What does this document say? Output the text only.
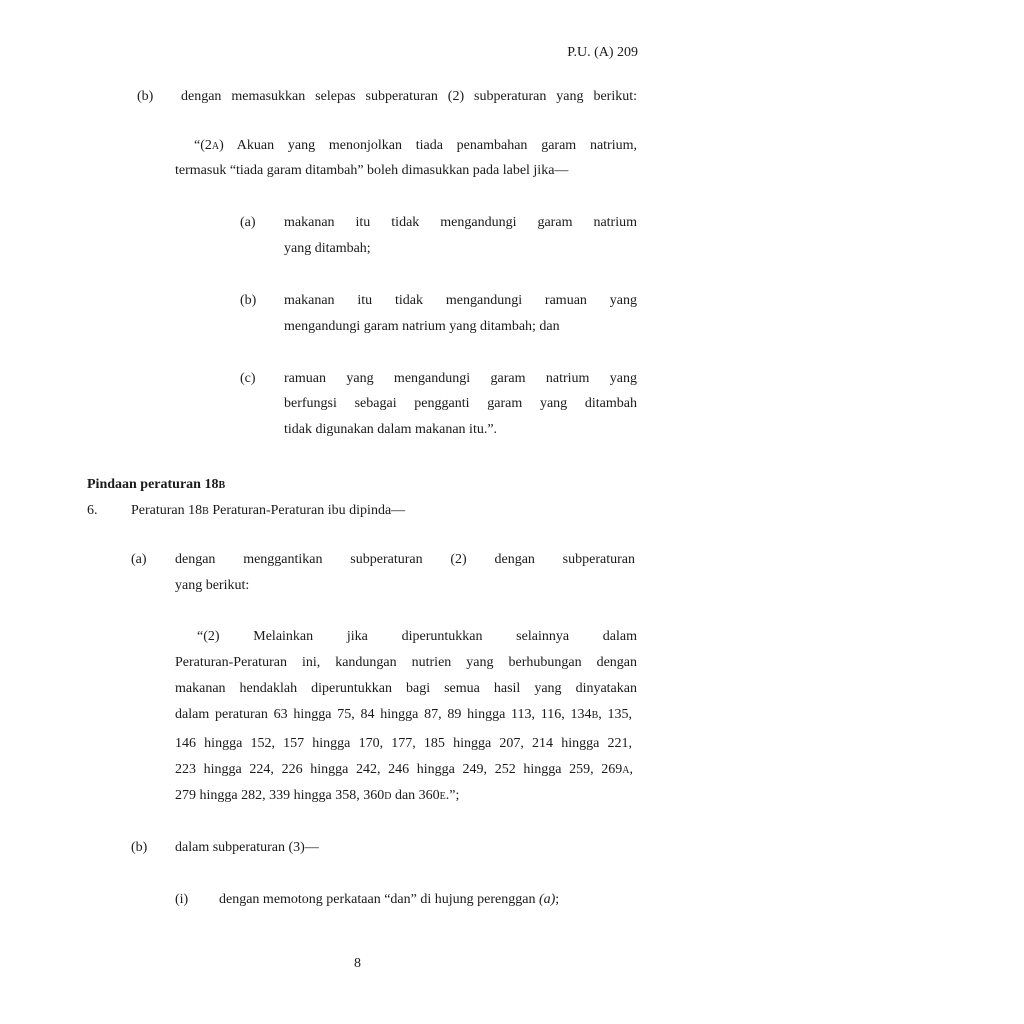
P.U. (A) 209
(b) dengan memasukkan selepas subperaturan (2) subperaturan yang berikut:
“(2a) Akuan yang menonjolkan tiada penambahan garam natrium,
termasuk “tiada garam ditambah” boleh dimasukkan pada label jika—
(a) makanan itu tidak mengandungi garam natrium
yang ditambah;
(b) makanan itu tidak mengandungi ramuan yang
mengandungi garam natrium yang ditambah; dan
(c) ramuan yang mengandungi garam natrium yang
berfungsi sebagai pengganti garam yang ditambah
tidak digunakan dalam makanan itu.”.
Pindaan peraturan 18b
6. Peraturan 18b Peraturan-Peraturan ibu dipinda—
(a) dengan menggantikan subperaturan (2) dengan subperaturan
yang berikut:
“(2) Melainkan jika diperuntukkan selainnya dalam
Peraturan-Peraturan ini, kandungan nutrien yang berhubungan dengan
makanan hendaklah diperuntukkan bagi semua hasil yang dinyatakan
dalam peraturan 63 hingga 75, 84 hingga 87, 89 hingga 113, 116, 134b, 135,
146 hingga 152, 157 hingga 170, 177, 185 hingga 207, 214 hingga 221,
223 hingga 224, 226 hingga 242, 246 hingga 249, 252 hingga 259, 269a,
279 hingga 282, 339 hingga 358, 360d dan 360e.”;
(b) dalam subperaturan (3)—
(i) dengan memotong perkataan “dan” di hujung perenggan (a);
8
